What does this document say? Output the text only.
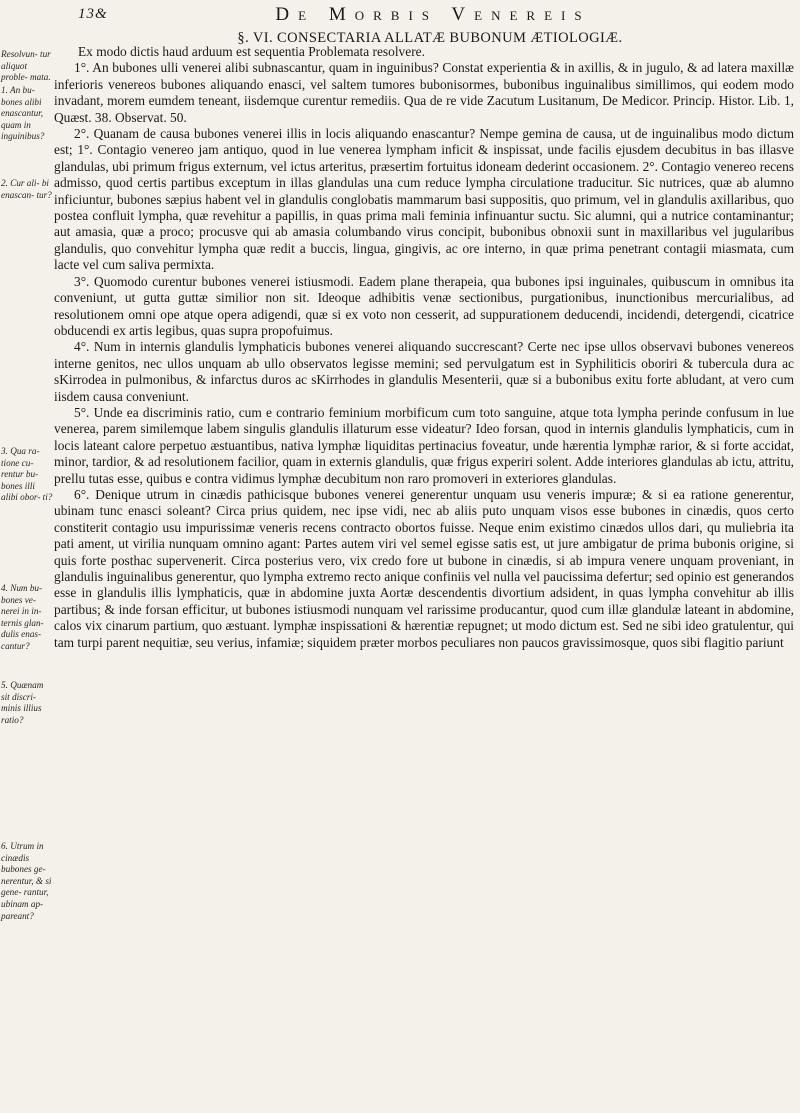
13&	De Morbis Venereis
§. VI. CONSECTARIA ALLATÆ BUBONUM ÆTIOLOGIÆ.
Resolvun- tur aliquot proble- mata.
1. An bu- bones alibi enascantur, quam in inguinibus?
2. Cur ali- bi enascan- tur?
3. Qua ra- tione cu- rentur bu- bones illi alibi obor- ti?
4. Num bu- bones ve- nerei in in- ternis glan- dulis enas- cantur?
5. Quænam sit discri- minis illius ratio?
6. Utrum in cinædis bubones ge- nerentur, & si gene- rantur, ubinam ap- pareant?

Ex modo dictis haud arduum est sequentia Problemata resolvere.

1°. An bubones ulli venerei alibi subnascantur, quam in inguinibus? Constat experientia & in axillis, & in jugulo, & ad latera maxillæ inferioris venereos bubones aliquando enasci, vel saltem tumores bubonisormes, bubonibus inguinalibus simillimos, qui eodem modo invadant, morem eumdem teneant, iisdemque curentur remediis. Qua de re vide Zacutum Lusitanum, De Medicor. Princip. Histor. Lib. 1, Quæst. 38. Observat. 50.

2°. Quanam de causa bubones venerei illis in locis aliquando enascantur? Nempe gemina de causa, ut de inguinalibus modo dictum est; 1°. Contagio venereo jam antiquo, quod in lue venerea lympham inficit & inspissat, unde facilis ejusdem decubitus in bas illasve glandulas, ubi primum frigus externum, vel ictus arteritus, præsertim fortuitus idoneam dederint occasionem. 2°. Contagio venereo recens admisso, quod certis partibus exceptum in illas glandulas una cum reduce lympha circulatione traducitur. Sic nutrices, quæ ab alumno inficiuntur, bubones sæpius habent vel in glandulis conglobatis mammarum basi suppositis, quo primum, vel in glandulis axillaribus, quo postea confluit lympha, quæ revehitur a papillis, in quas prima mali feminia infinuantur suctu. Sic alumni, qui a nutrice contaminantur; aut amasia, quæ a proco; procusve qui ab amasia columbando virus concipit, bubonibus obnoxii sunt in maxillaribus vel jugularibus glandulis, quo convehitur lympha quæ redit a buccis, lingua, gingivis, ac ore interno, in quæ prima penetrant contagii miasmata, cum lacte vel cum saliva permixta.

3°. Quomodo curentur bubones venerei istiusmodi. Eadem plane therapeia, qua bubones ipsi inguinales, quibuscum in omnibus ita conveniunt, ut gutta guttæ similior non sit. Ideoque adhibitis venæ sectionibus, purgationibus, inunctionibus mercurialibus, ad resolutionem omni ope atque opera adigendi, quæ si ex voto non cesserit, ad suppurationem deducendi, incidendi, detergendi, cicatrice obducendi ex artis legibus, quas supra propofuimus.

4°. Num in internis glandulis lymphaticis bubones venerei aliquando succrescant? Certe nec ipse ullos observavi bubones venereos interne genitos, nec ullos unquam ab ullo observatos legisse memini; sed pervulgatum est in Syphiliticis oboriri & tubercula dura ac sKirrodea in pulmonibus, & infarctus duros ac sKirrhodes in glandulis Mesenterii, quæ si a bubonibus exitu forte abludant, at vero cum iisdem causa conveniunt.

5°. Unde ea discriminis ratio, cum e contrario feminium morbificum cum toto sanguine, atque tota lympha perinde confusum in lue venerea, parem similemque labem singulis glandulis illaturum esse videatur? Ideo forsan, quod in internis glandulis lymphaticis, cum in locis lateant calore perpetuo æstuantibus, nativa lymphæ liquiditas pertinacius foveatur, unde hærentia lymphæ rarior, & si forte accidat, minor, tardior, & ad resolutionem facilior, quam in externis glandulis, quæ frigus experiri solent. Adde interiores glandulas ab ictu, attritu, prellu tutas esse, quibus e contra vidimus lymphæ decubitum non raro promoveri in exteriores glandulas.

6°. Denique utrum in cinædis pathicisque bubones venerei generentur unquam usu veneris impuræ; & si ea ratione generentur, ubinam tunc enasci soleant? Circa prius quidem, nec ipse vidi, nec ab aliis puto unquam visos esse bubones in cinædis, quos certo constiterit contagio usu impurissimæ veneris recens contracto obortos fuisse. Neque enim existimo cinædos ullos dari, qu muliebria ita pati ament, ut virilia nunquam omnino agant: Partes autem viri vel semel egisse satis est, ut jure ambigatur de prima bubonis origine, si quis forte posthac supervenerit. Circa posterius vero, vix credo fore ut bubone in cinædis, si ab impura venere unquam proveniant, in glandulis inguinalibus generentur, quo lympha extremo recto anique confiniis vel nulla vel paucissima defertur; sed opinio est generandos esse in glandulis illis lymphaticis, quæ in abdomine juxta Aortæ descendentis divortium adsident, in quas lympha convehitur ab illis partibus; & inde forsan efficitur, ut bubones istiusmodi nunquam vel rarissime producantur, quod cum illæ glandulæ lateant in abdomine, calos vix cinarum partium, quo æstuant. lymphæ inspissationi & hærentiæ repugnet; ut modo dictum est. Sed ne sibi ideo gratulentur, qui tam turpi parent nequitiæ, seu verius, infamiæ; siquidem præter morbos peculiares non paucos gravissimosque, quos sibi flagitio pariunt
